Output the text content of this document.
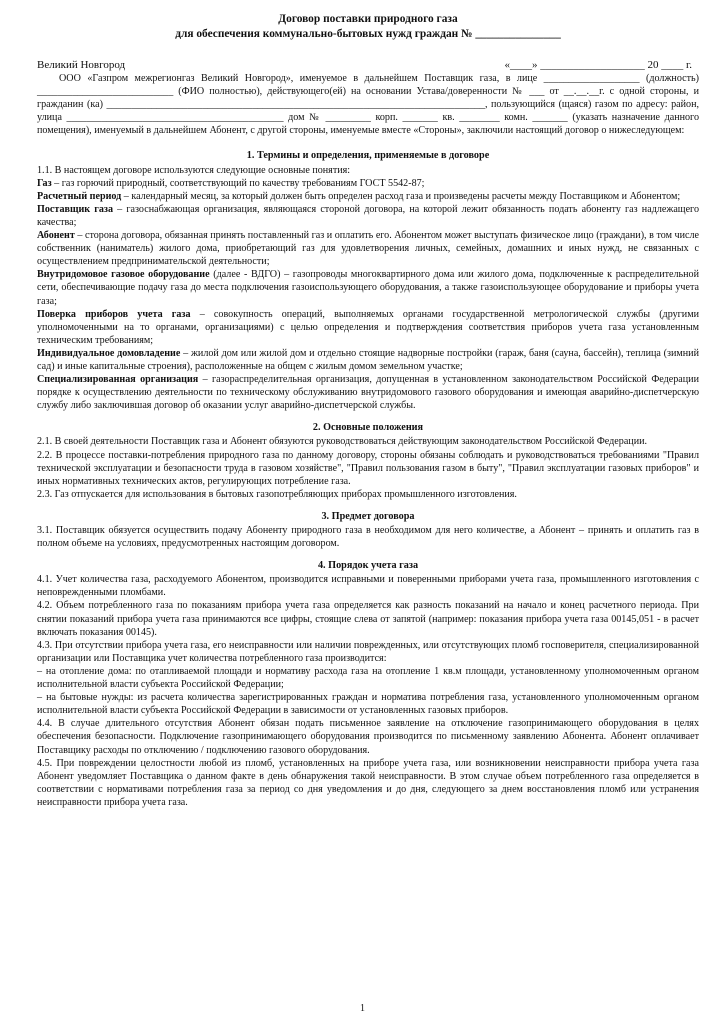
Договор поставки природного газа
для обеспечения коммунально-бытовых нужд граждан № _______________
Великий Новгород	«____» ___________________ 20 ____ г.

ООО «Газпром межрегионгаз Великий Новгород», именуемое в дальнейшем Поставщик газа, в лице ___________________ (должность) ___________________________ (ФИО полностью), действующего(ей) на основании Устава/доверенности № ___ от __.__.__г. с одной стороны, и гражданин (ка) ___________________________________________________________________________, пользующийся (щаяся) газом по адресу: район, улица ___________________________________________ дом № _________ корп. _______ кв. ________ комн. _______ (указать назначение данного помещения), именуемый в дальнейшем Абонент, с другой стороны, именуемые вместе «Стороны», заключили настоящий договор о нижеследующем:

1. Термины и определения, применяемые в договоре

1.1. В настоящем договоре используются следующие основные понятия:

Газ – газ горючий природный, соответствующий по качеству требованиям ГОСТ 5542-87;

Расчетный период – календарный месяц, за который должен быть определен расход газа и произведены расчеты между Поставщиком и Абонентом;

Поставщик газа – газоснабжающая организация, являющаяся стороной договора, на которой лежит обязанность подать абоненту газ надлежащего качества;

Абонент – сторона договора, обязанная принять поставленный газ и оплатить его. Абонентом может выступать физическое лицо (граждани), в том числе собственник (наниматель) жилого дома, приобретающий газ для удовлетворения личных, семейных, домашних и иных нужд, не связанных с осуществлением предпринимательской деятельности;

Внутридомовое газовое оборудование (далее - ВДГО) – газопроводы многоквартирного дома или жилого дома, подключенные к распределительной сети, обеспечивающие подачу газа до места подключения газоиспользующего оборудования, а также газоиспользующее оборудование и приборы учета газа;

Поверка приборов учета газа – совокупность операций, выполняемых органами государственной метрологической службы (другими уполномоченными на то органами, организациями) с целью определения и подтверждения соответствия приборов учета газа установленным техническим требованиям;

Индивидуальное домовладение – жилой дом или жилой дом и отдельно стоящие надворные постройки (гараж, баня (сауна, бассейн), теплица (зимний сад) и иные капитальные строения), расположенные на общем с жилым домом земельном участке;

Специализированная организация – газораспределительная организация, допущенная в установленном законодательством Российской Федерации порядке к осуществлению деятельности по техническому обслуживанию внутридомового газового оборудования и имеющая аварийно-диспетчерскую службу либо заключившая договор об оказании услуг аварийно-диспетчерской службы.

2. Основные положения

2.1. В своей деятельности Поставщик газа и Абонент обязуются руководствоваться действующим законодательством Российской Федерации.

2.2. В процессе поставки-потребления природного газа по данному договору, стороны обязаны соблюдать и руководствоваться требованиями "Правил технической эксплуатации и безопасности труда в газовом хозяйстве", "Правил пользования газом в быту", "Правил эксплуатации газовых приборов" и иных нормативных технических актов, регулирующих потребление газа.

2.3. Газ отпускается для использования в бытовых газопотребляющих приборах промышленного изготовления.

3. Предмет договора

3.1. Поставщик обязуется осуществить подачу Абоненту природного газа в необходимом для него количестве, а Абонент – принять и оплатить газ в полном объеме на условиях, предусмотренных настоящим договором.

4. Порядок учета газа

4.1. Учет количества газа, расходуемого Абонентом, производится исправными и поверенными приборами учета газа, промышленного изготовления с неповрежденными пломбами.

4.2. Объем потребленного газа по показаниям прибора учета газа определяется как разность показаний на начало и конец расчетного периода. При снятии показаний прибора учета газа принимаются все цифры, стоящие слева от запятой (например: показания прибора учета газа 00145,051 - в расчет включать показания 00145).

4.3. При отсутствии прибора учета газа, его неисправности или наличии поврежденных, или отсутствующих пломб госповерителя, специализированной организации или Поставщика учет количества потребленного газа производится:

– на отопление дома: по отапливаемой площади и нормативу расхода газа на отопление 1 кв.м площади, установленному уполномоченным органом исполнительной власти субъекта Российской Федерации;

– на бытовые нужды: из расчета количества зарегистрированных граждан и норматива потребления газа, установленного уполномоченным органом исполнительной власти субъекта Российской Федерации в зависимости от установленных газовых приборов.

4.4. В случае длительного отсутствия Абонент обязан подать письменное заявление на отключение газопринимающего оборудования в целях обеспечения безопасности. Подключение газопринимающего оборудования производится по письменному заявлению Абонента. Абонент оплачивает Поставщику расходы по отключению / подключению газового оборудования.

4.5. При повреждении целостности любой из пломб, установленных на приборе учета газа, или возникновении неисправности прибора учета газа Абонент уведомляет Поставщика о данном факте в день обнаружения такой неисправности. В этом случае объем потребленного газа определяется в соответствии с нормативами потребления газа за период со дня уведомления и до дня, следующего за днем восстановления пломб или устранения неисправности прибора учета газа.

1
